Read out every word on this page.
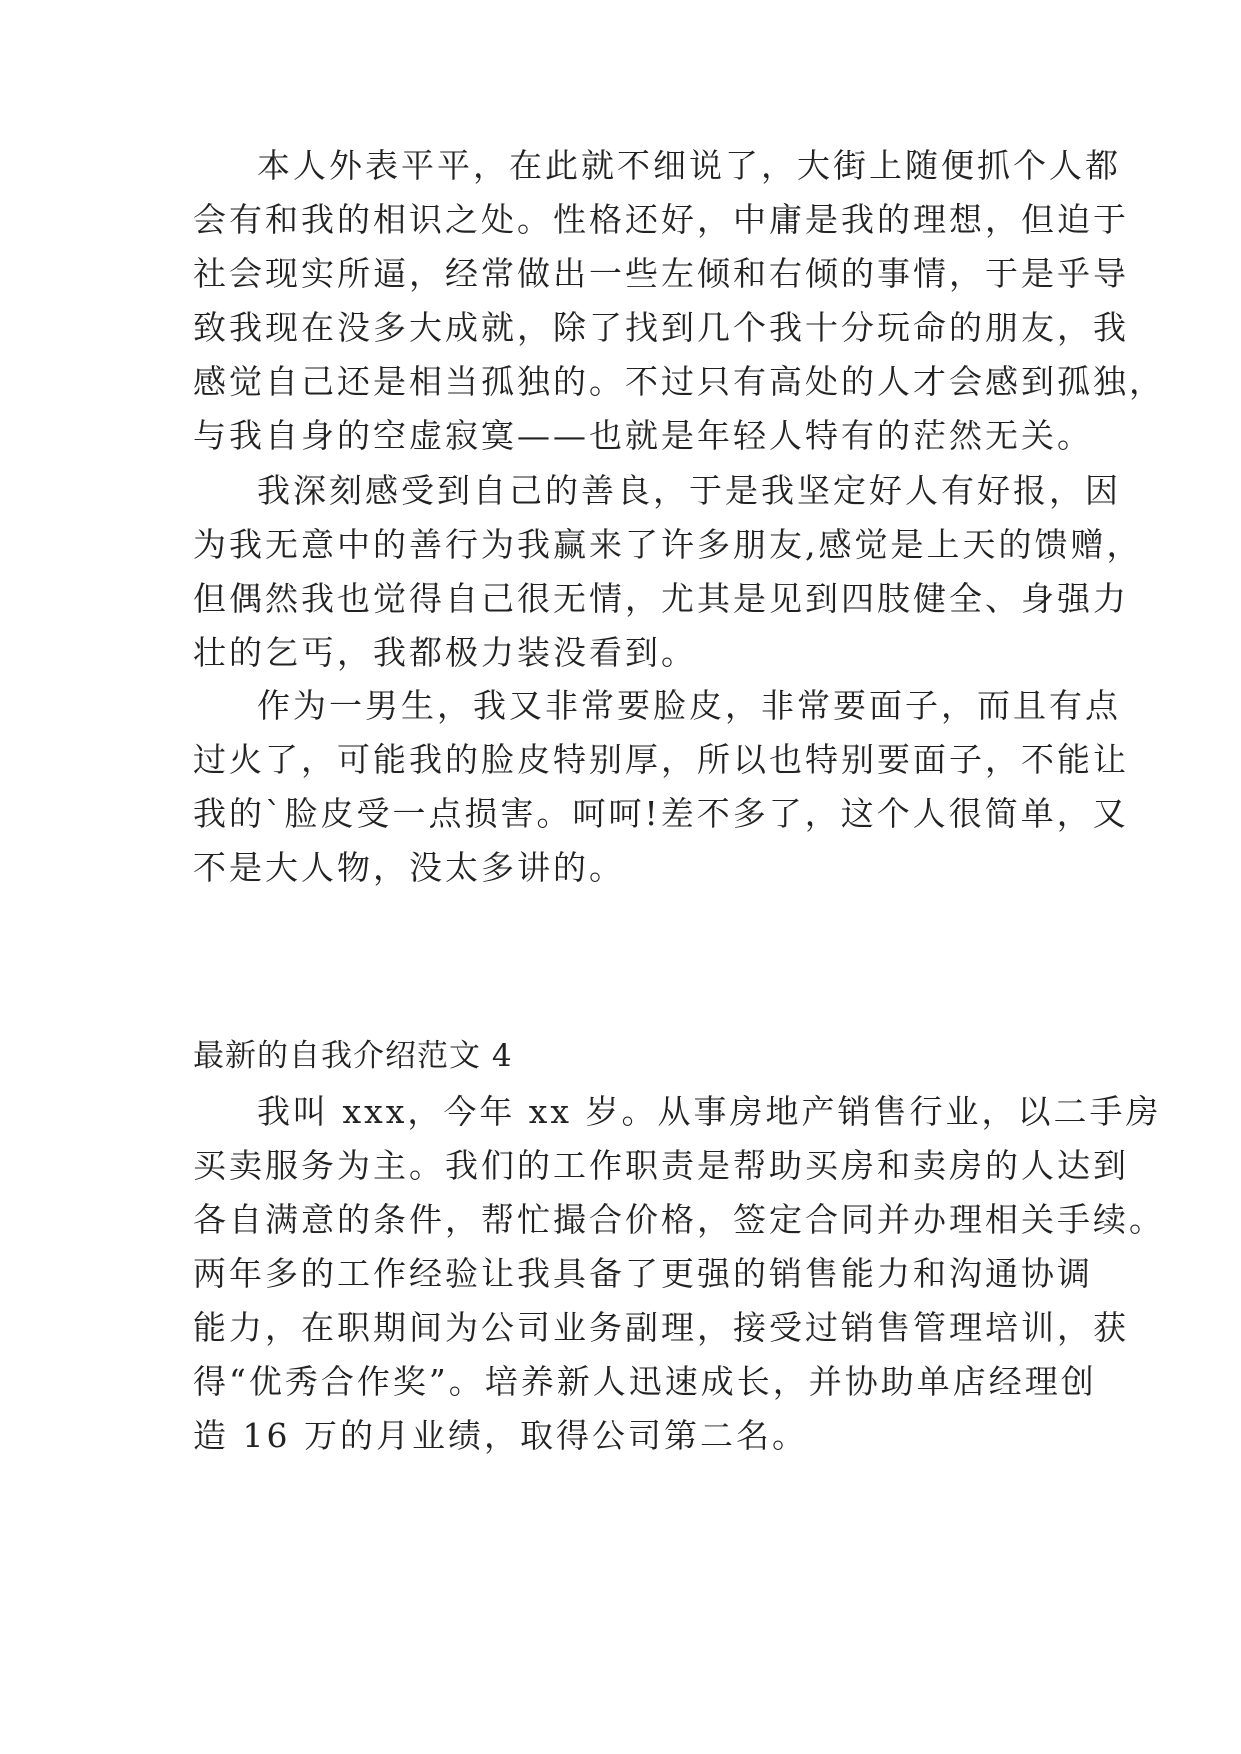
本人外表平平，在此就不细说了，大街上随便抓个人都
会有和我的相识之处。性格还好，中庸是我的理想，但迫于
社会现实所逼，经常做出一些左倾和右倾的事情，于是乎导
致我现在没多大成就，除了找到几个我十分玩命的朋友，我
感觉自己还是相当孤独的。不过只有高处的人才会感到孤独，
与我自身的空虚寂寞——也就是年轻人特有的茫然无关。
我深刻感受到自己的善良，于是我坚定好人有好报，因
为我无意中的善行为我赢来了许多朋友,感觉是上天的馈赠，
但偶然我也觉得自己很无情，尤其是见到四肢健全、身强力
壮的乞丐，我都极力装没看到。
作为一男生，我又非常要脸皮，非常要面子，而且有点
过火了，可能我的脸皮特别厚，所以也特别要面子，不能让
我的`脸皮受一点损害。呵呵!差不多了，这个人很简单，又
不是大人物，没太多讲的。
最新的自我介绍范文 4
我叫 xxx，今年 xx 岁。从事房地产销售行业，以二手房
买卖服务为主。我们的工作职责是帮助买房和卖房的人达到
各自满意的条件，帮忙撮合价格，签定合同并办理相关手续。
两年多的工作经验让我具备了更强的销售能力和沟通协调
能力，在职期间为公司业务副理，接受过销售管理培训，获
得“优秀合作奖”。培养新人迅速成长，并协助单店经理创
造 16 万的月业绩，取得公司第二名。
